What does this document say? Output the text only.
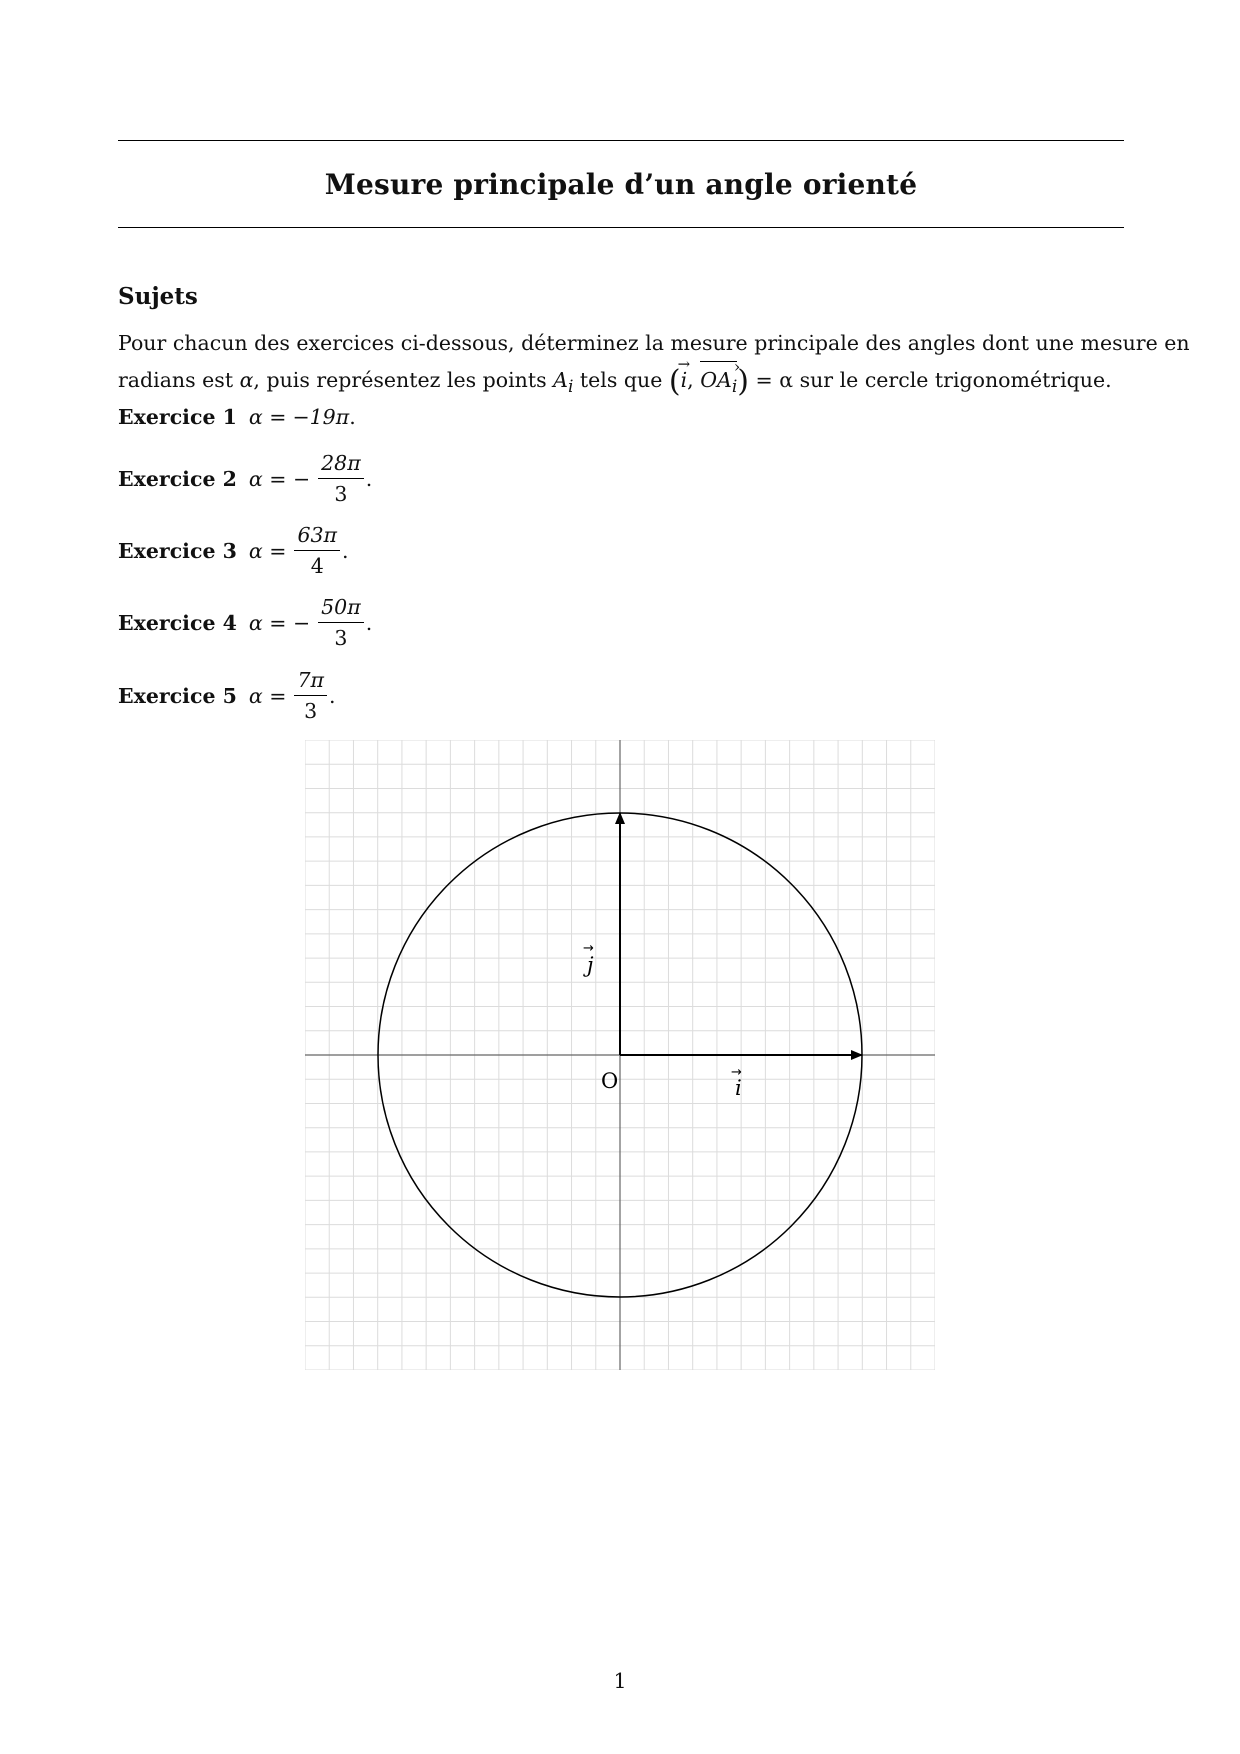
Mesure principale d’un angle orienté
Sujets
Pour chacun des exercices ci-dessous, déterminez la mesure principale des angles dont une mesure en
radians est α, puis représentez les points $A_i$ tels que (→ i, $OA_i$ ›) = α sur le cercle trigonométrique.
Exercice 1 α = −19π .
Exercice 2 α = − $\frac{28\pi}{3}$ .
Exercice 3 $\alpha = \frac{63\pi}{4}$ .
Exercice 4 α = − $\frac{50\pi}{3}$ .
Exercice 5 $\alpha = \frac{7\pi}{3}$ .
O	i
→
j
→
1
